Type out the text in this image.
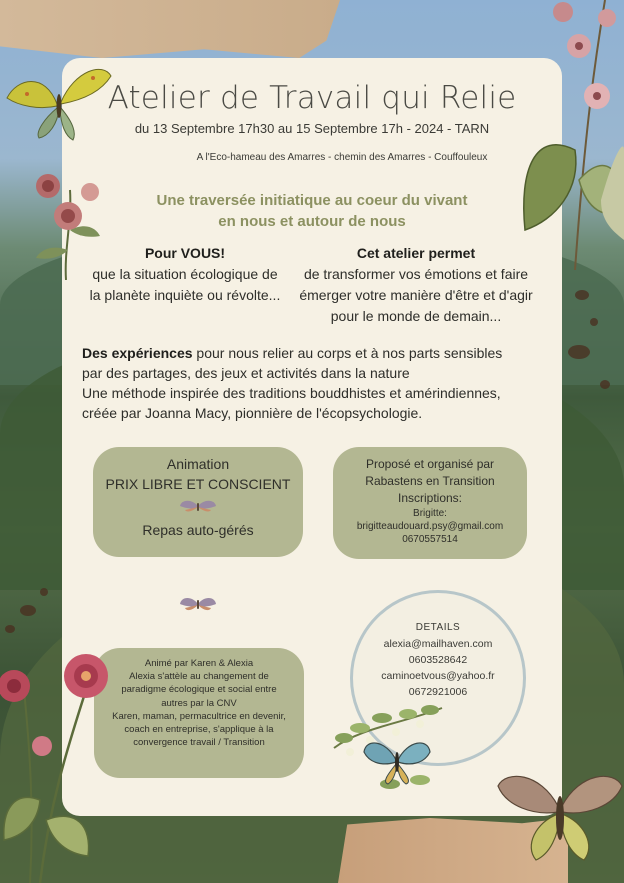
Atelier de Travail qui Relie
du 13 Septembre 17h30 au 15 Septembre 17h - 2024 - TARN
A l'Eco-hameau des Amarres - chemin des Amarres - Couffouleux
Une traversée initiatique au coeur du vivant
en nous et autour de nous
Pour VOUS!
que la situation écologique de
la planète inquiète ou révolte...
Cet atelier permet
de transformer vos émotions et faire
émerger votre manière d'être et d'agir
pour le monde de demain...
Des expériences pour nous relier au corps et à nos parts sensibles
par des partages, des jeux et activités dans la nature
Une méthode inspirée des traditions bouddhistes et amérindiennes,
créée par Joanna Macy, pionnière de l'écopsychologie.
Animation
PRIX LIBRE ET CONSCIENT
Repas auto-gérés
Proposé et organisé par
Rabastens en Transition
Inscriptions:
Brigitte:
brigitteaudouard.psy@gmail.com
0670557514
Animé par Karen & Alexia
Alexia s'attèle au changement de
paradigme écologique et social entre
autres par la CNV
Karen, maman, permacultrice en devenir,
coach en entreprise, s'applique à la
convergence travail / Transition
DETAILS
alexia@mailhaven.com
0603528642
caminoetvous@yahoo.fr
0672921006
